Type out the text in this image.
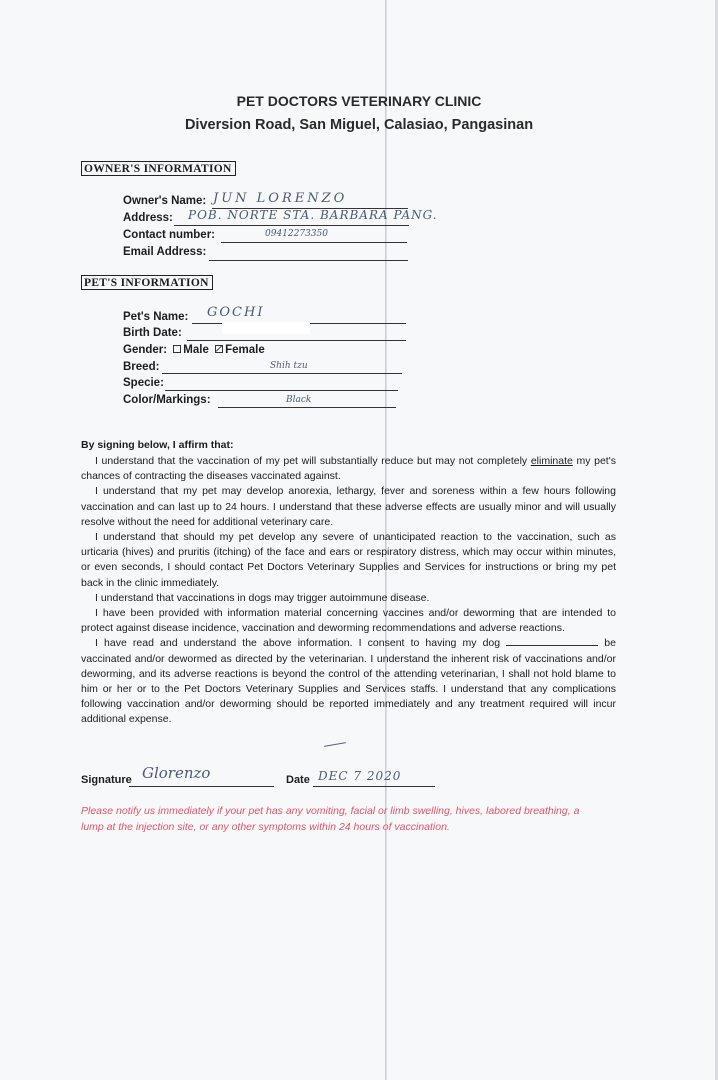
PET DOCTORS VETERINARY CLINIC
Diversion Road, San Miguel, Calasiao, Pangasinan
OWNER'S INFORMATION
Owner's Name: JUN LORENZO
Address: POB. NORTE STA. BARBARA PANG.
Contact number:	09412273350
Email Address:
PET'S INFORMATION
Pet's Name: GOCHI
Birth Date:
Gender: Male Female
Breed:	Shih tzu
Specie:
Color/Markings:	Black
By signing below, I affirm that:

I understand that the vaccination of my pet will substantially reduce but may not completely eliminate my pet's chances of contracting the diseases vaccinated against.

I understand that my pet may develop anorexia, lethargy, fever and soreness within a few hours following vaccination and can last up to 24 hours. I understand that these adverse effects are usually minor and will usually resolve without the need for additional veterinary care.

I understand that should my pet develop any severe of unanticipated reaction to the vaccination, such as urticaria (hives) and pruritis (itching) of the face and ears or respiratory distress, which may occur within minutes, or even seconds, I should contact Pet Doctors Veterinary Supplies and Services for instructions or bring my pet back in the clinic immediately.

I understand that vaccinations in dogs may trigger autoimmune disease.

I have been provided with information material concerning vaccines and/or deworming that are intended to protect against disease incidence, vaccination and deworming recommendations and adverse reactions.

I have read and understand the above information. I consent to having my dog	be vaccinated and/or dewormed as directed by the veterinarian. I understand the inherent risk of vaccinations and/or deworming, and its adverse reactions is beyond the control of the attending veterinarian, I shall not hold blame to him or her or to the Pet Doctors Veterinary Supplies and Services staffs. I understand that any complications following vaccination and/or deworming should be reported immediately and any treatment required will incur additional expense.

Signature Glorenzo	Date DEC 7 2020
Please notify us immediately if your pet has any vomiting, facial or limb swelling, hives, labored breathing, a lump at the injection site, or any other symptoms within 24 hours of vaccination.
